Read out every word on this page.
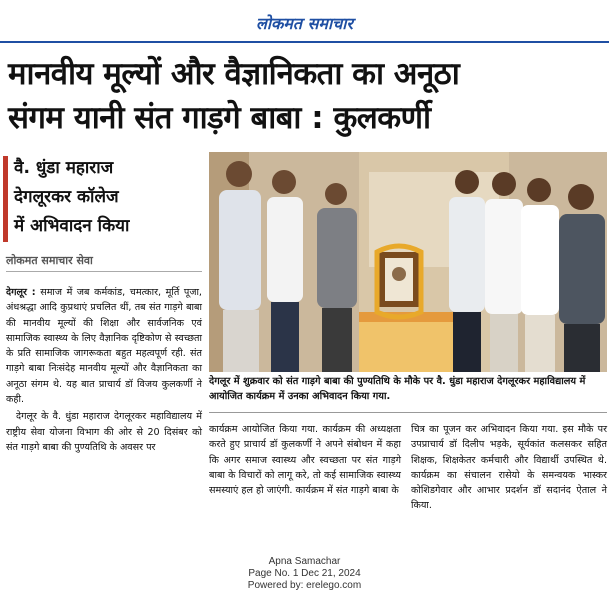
लोकमत समाचार
मानवीय मूल्यों और वैज्ञानिकता का अनूठा
संगम यानी संत गाड़गे बाबा : कुलकर्णी
वै. धुंडा महाराज
देगलूरकर कॉलेज
में अभिवादन किया
लोकमत समाचार सेवा

देगलूर : समाज में जब कर्मकांड, चमत्कार, मूर्ति पूजा, अंधश्रद्धा आदि कुप्रथाएं प्रचलित थीं, तब संत गाड़गे बाबा की मानवीय मूल्यों की शिक्षा और सार्वजनिक एवं सामाजिक स्वास्थ्य के लिए वैज्ञानिक दृष्टिकोण से स्वच्छता के प्रति सामाजिक जागरूकता बहुत महत्वपूर्ण रही. संत गाड़गे बाबा निःसंदेह मानवीय मूल्यों और वैज्ञानिकता का अनूठा संगम थे. यह बात प्राचार्य डॉ विजय कुलकर्णी ने कही.

देगलूर के वै. धुंडा महाराज देगलूरकर महाविद्यालय में राष्ट्रीय सेवा योजना विभाग की ओर से 20 दिसंबर को संत गाड़गे बाबा की पुण्यतिथि के अवसर पर

देगलूर में शुक्रवार को संत गाड़गे बाबा की पुण्यतिथि के मौके पर वै. धुंडा महाराज देगलूरकर महाविद्यालय में आयोजित कार्यक्रम में उनका अभिवादन किया गया.
कार्यक्रम आयोजित किया गया. कार्यक्रम की अध्यक्षता करते हुए प्राचार्य डॉ कुलकर्णी ने अपने संबोधन में कहा कि अगर समाज स्वास्थ्य और स्वच्छता पर संत गाड़गे बाबा के विचारों को लागू करे, तो कई सामाजिक स्वास्थ्य समस्याएं हल हो जाएंगी. कार्यक्रम में संत गाड़गे बाबा के
चित्र का पूजन कर अभिवादन किया गया. इस मौके पर उपप्राचार्य डॉ दिलीप भड़के, सूर्यकांत कलसकर सहित शिक्षक, शिक्षकेतर कर्मचारी और विद्यार्थी उपस्थित थे. कार्यक्रम का संचालन रासेयो के समन्वयक भास्कर कोशिडगेवार और आभार प्रदर्शन डॉ सदानंद ऐताल ने किया.
Apna Samachar
Page No. 1 Dec 21, 2024
Powered by: erelego.com
